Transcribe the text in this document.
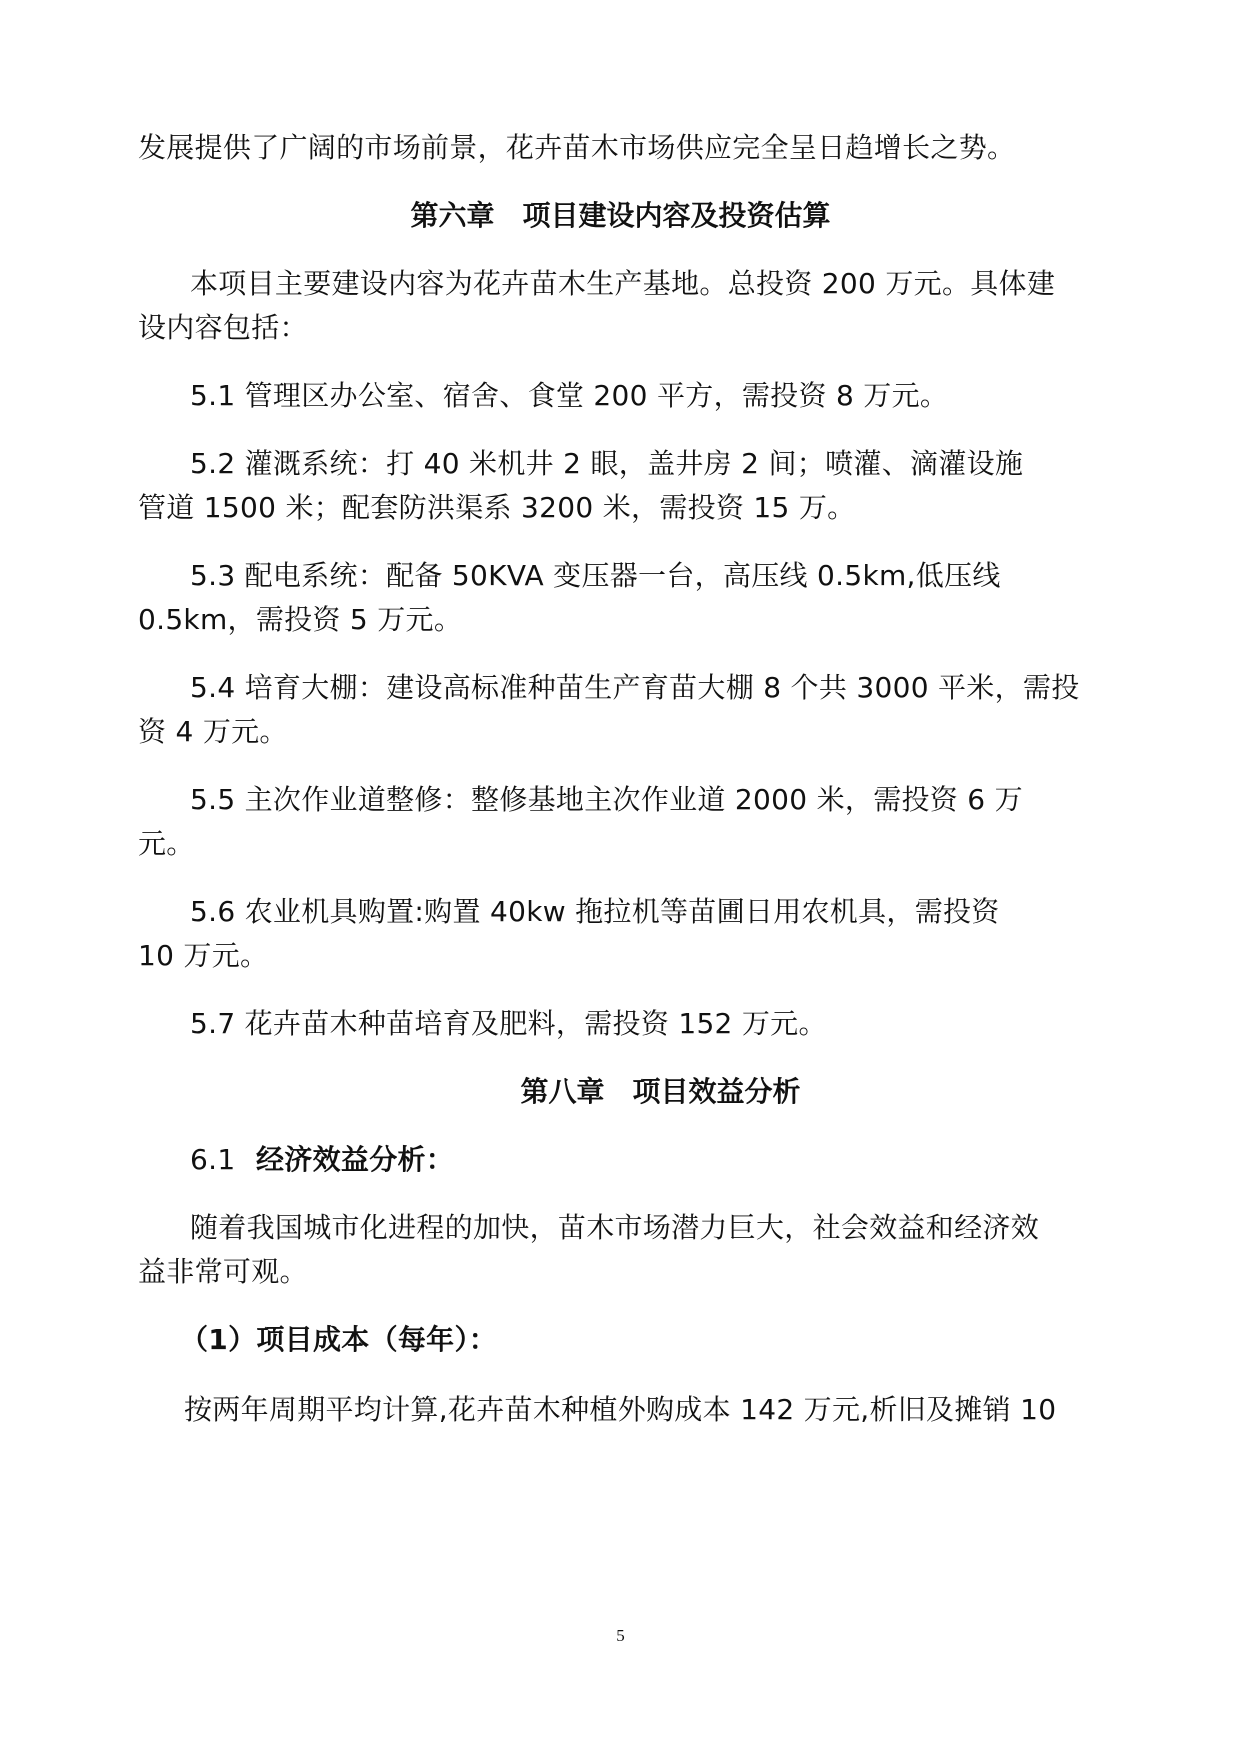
发展提供了广阔的市场前景，花卉苗木市场供应完全呈日趋增长之势。
第六章　项目建设内容及投资估算
本项目主要建设内容为花卉苗木生产基地。总投资 200 万元。具体建
设内容包括：
5.1 管理区办公室、宿舍、食堂 200 平方，需投资 8 万元。
5.2 灌溉系统：打 40 米机井 2 眼，盖井房 2 间；喷灌、滴灌设施
管道 1500 米；配套防洪渠系 3200 米，需投资 15 万。
5.3 配电系统：配备 50KVA 变压器一台，高压线 0.5km,低压线
0.5km，需投资 5 万元。
5.4 培育大棚：建设高标准种苗生产育苗大棚 8 个共 3000 平米，需投
资 4 万元。
5.5 主次作业道整修：整修基地主次作业道 2000 米，需投资 6 万
元。
5.6 农业机具购置:购置 40kw 拖拉机等苗圃日用农机具，需投资
10 万元。
5.7 花卉苗木种苗培育及肥料，需投资 152 万元。
第八章　项目效益分析
6.1 经济效益分析：
随着我国城市化进程的加快，苗木市场潜力巨大，社会效益和经济效
益非常可观。
（1）项目成本（每年）：
按两年周期平均计算,花卉苗木种植外购成本 142 万元,析旧及摊销 10
5
